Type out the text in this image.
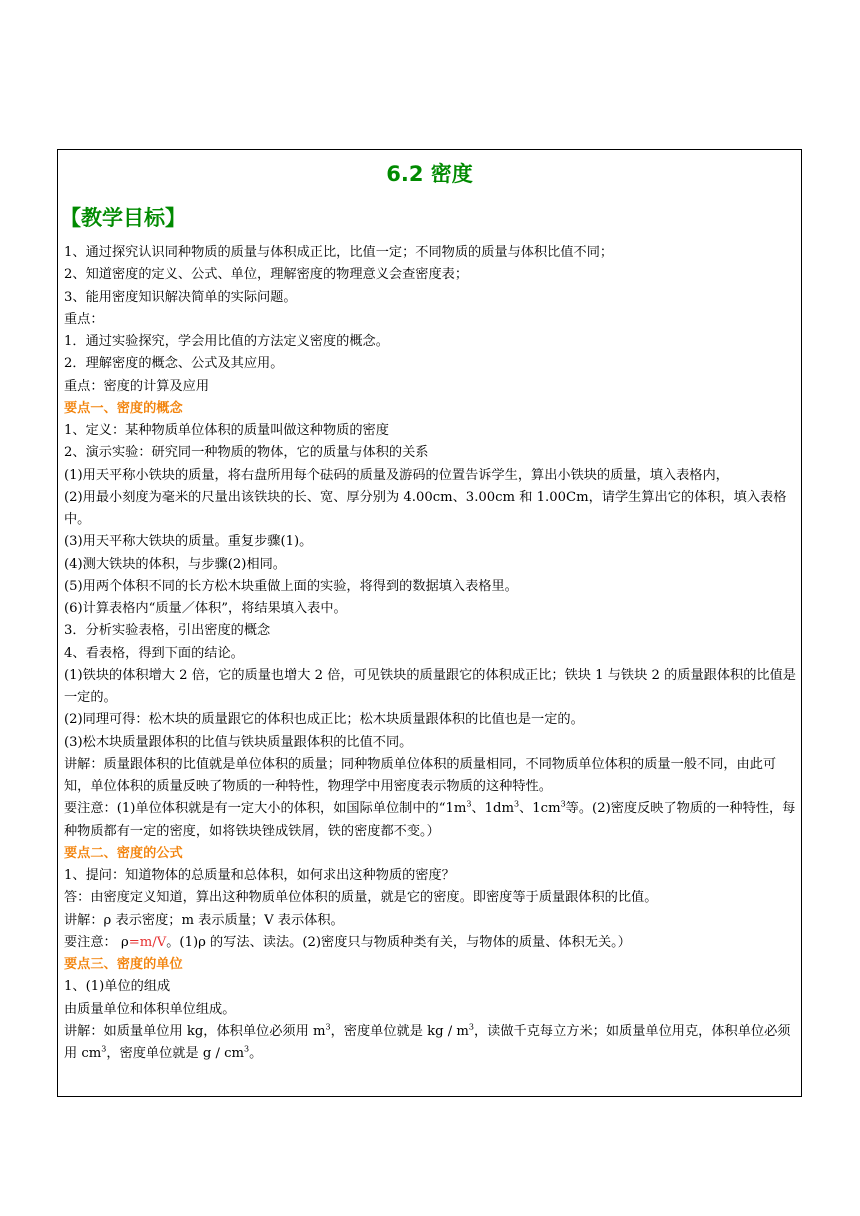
6.2 密度
【教学目标】
1、通过探究认识同种物质的质量与体积成正比，比值一定；不同物质的质量与体积比值不同；
2、知道密度的定义、公式、单位，理解密度的物理意义会查密度表；
3、能用密度知识解决简单的实际问题。
重点：
1．通过实验探究，学会用比值的方法定义密度的概念。
2．理解密度的概念、公式及其应用。
重点：密度的计算及应用
要点一、密度的概念
1、定义：某种物质单位体积的质量叫做这种物质的密度
2、演示实验：研究同一种物质的物体，它的质量与体积的关系
(1)用天平称小铁块的质量，将右盘所用每个砝码的质量及游码的位置告诉学生，算出小铁块的质量，填入表格内，
(2)用最小刻度为毫米的尺量出该铁块的长、宽、厚分别为 4.00cm、3.00cm 和 1.00Cm，请学生算出它的体积，填入表格中。
(3)用天平称大铁块的质量。重复步骤(1)。
(4)测大铁块的体积，与步骤(2)相同。
(5)用两个体积不同的长方松木块重做上面的实验，将得到的数据填入表格里。
(6)计算表格内“质量／体积”，将结果填入表中。
3．分析实验表格，引出密度的概念
4、看表格，得到下面的结论。
(1)铁块的体积增大 2 倍，它的质量也增大 2 倍，可见铁块的质量跟它的体积成正比；铁块 1 与铁块 2 的质量跟体积的比值是一定的。
(2)同理可得：松木块的质量跟它的体积也成正比；松木块质量跟体积的比值也是一定的。
(3)松木块质量跟体积的比值与铁块质量跟体积的比值不同。
讲解：质量跟体积的比值就是单位体积的质量；同种物质单位体积的质量相同，不同物质单位体积的质量一般不同，由此可知，单位体积的质量反映了物质的一种特性，物理学中用密度表示物质的这种特性。
要注意：(1)单位体积就是有一定大小的体积，如国际单位制中的“$1m^3$、$1dm^3$、$1cm^3$等。(2)密度反映了物质的一种特性，每种物质都有一定的密度，如将铁块锉成铁屑，铁的密度都不变。）
要点二、密度的公式
1、提问：知道物体的总质量和总体积，如何求出这种物质的密度？
答：由密度定义知道，算出这种物质单位体积的质量，就是它的密度。即密度等于质量跟体积的比值。
讲解：ρ 表示密度；m 表示质量；V 表示体积。
要注意： ρ=m/V。(1)ρ 的写法、读法。(2)密度只与物质种类有关，与物体的质量、体积无关。）
要点三、密度的单位
1、(1)单位的组成
由质量单位和体积单位组成。
讲解：如质量单位用 kg，体积单位必须用 $m^3$，密度单位就是 kg / $m^3$，读做千克每立方米；如质量单位用克，体积单位必须用 $cm^3$，密度单位就是 g / $cm^3$。
